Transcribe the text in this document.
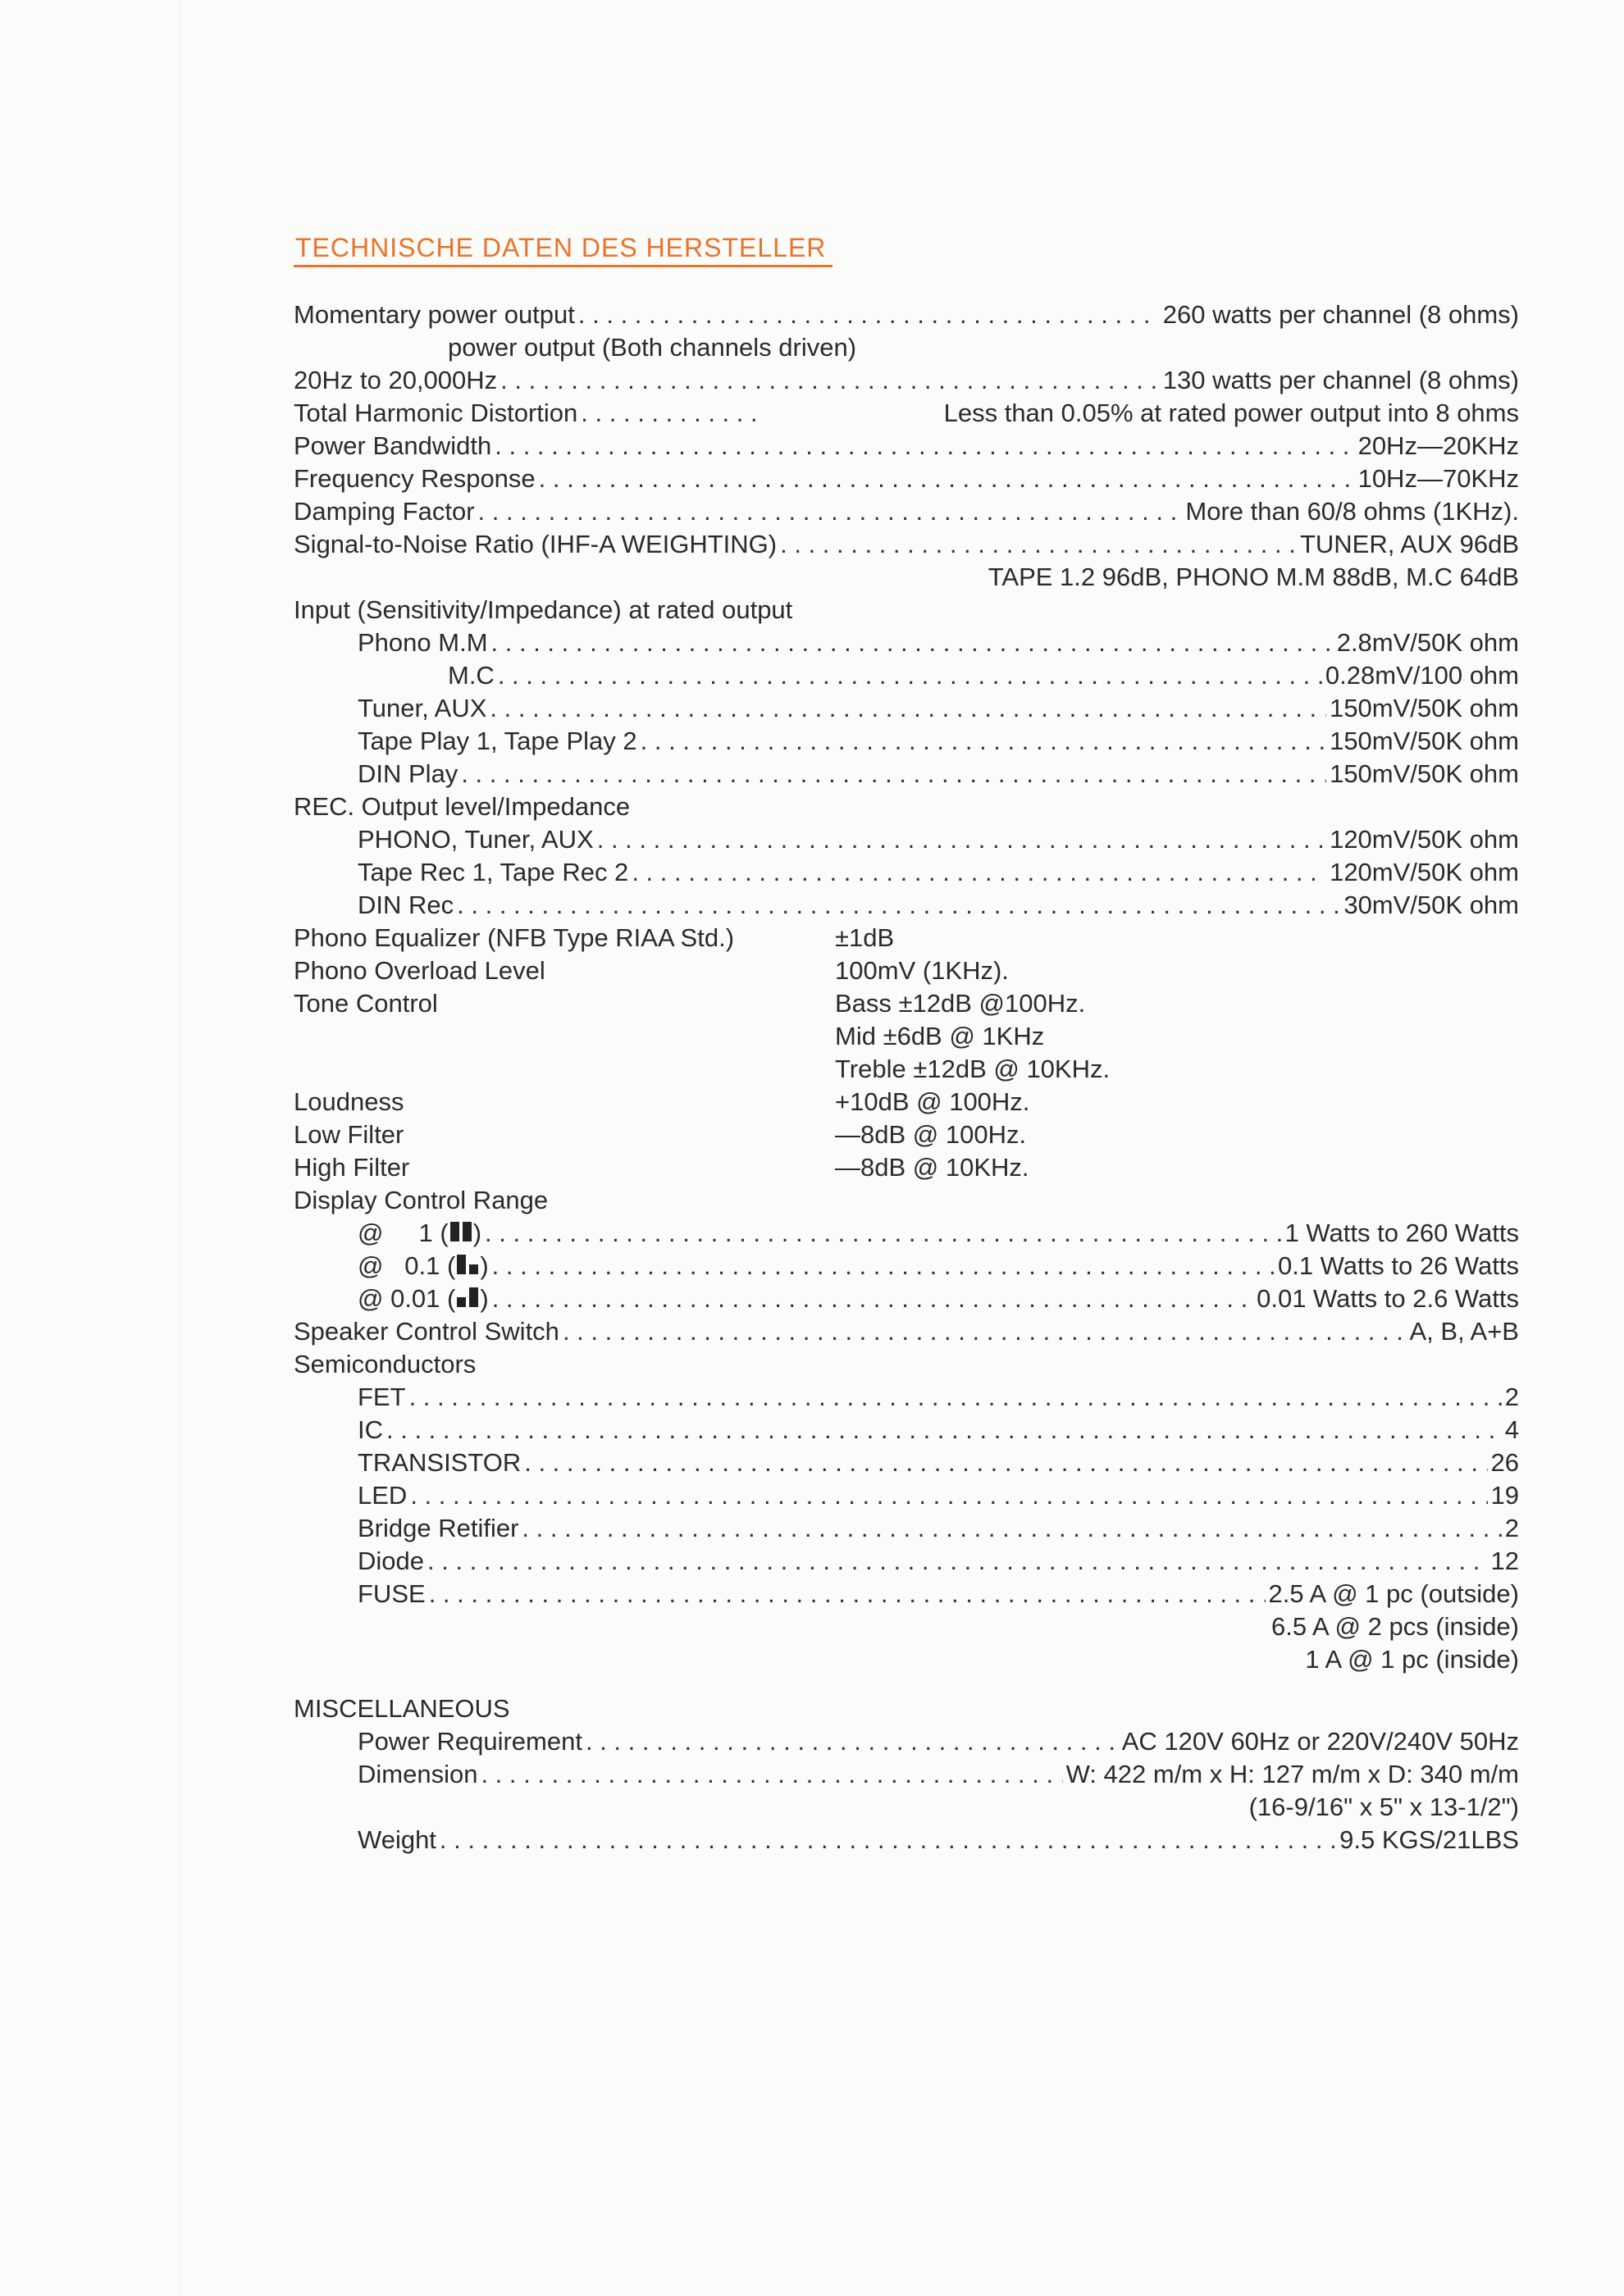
TECHNISCHE DATEN DES HERSTELLER
Momentary power output . . .	260 watts per channel (8 ohms)
power output (Both channels driven)
20Hz to 20,000Hz . . .	130 watts per channel (8 ohms)
Total Harmonic Distortion . . .	Less than 0.05% at rated power output into 8 ohms
Power Bandwidth . . .	20Hz—20KHz
Frequency Response . . .	10Hz—70KHz
Damping Factor . . .	More than 60/8 ohms (1KHz).
Signal-to-Noise Ratio (IHF-A WEIGHTING) . . .	TUNER, AUX 96dB
TAPE 1.2 96dB, PHONO M.M 88dB, M.C 64dB
Input (Sensitivity/Impedance) at rated output
Phono M.M . . .	2.8mV/50K ohm
M.C . . .	0.28mV/100 ohm
Tuner, AUX . . .	150mV/50K ohm
Tape Play 1, Tape Play 2 . . .	150mV/50K ohm
DIN Play . . .	150mV/50K ohm
REC. Output level/Impedance
PHONO, Tuner, AUX . . .	120mV/50K ohm
Tape Rec 1, Tape Rec 2 . . .	120mV/50K ohm
DIN Rec . . .	30mV/50K ohm
Phono Equalizer (NFB Type RIAA Std.)	±1dB
Phono Overload Level	100mV (1KHz).
Tone Control	Bass ±12dB @100Hz.
Mid ±6dB @ 1KHz
Treble ±12dB @ 10KHz.
Loudness	+10dB @ 100Hz.
Low Filter	—8dB @ 100Hz.
High Filter	—8dB @ 10KHz.
Display Control Range
@     1 ( ) . . .	1 Watts to 260 Watts
@   0.1 ( ) . . .	0.1 Watts to 26 Watts
@ 0.01 ( ) . . .	0.01 Watts to 2.6 Watts
Speaker Control Switch . . .	A, B, A+B
Semiconductors
FET . . .	2
IC . . .	4
TRANSISTOR . . .	26
LED . . .	19
Bridge Retifier . . .	2
Diode . . .	12
FUSE . . .	2.5 A @ 1 pc (outside)
6.5 A @ 2 pcs (inside)
1 A @ 1 pc (inside)
MISCELLANEOUS
Power Requirement . . .	AC 120V 60Hz or 220V/240V 50Hz
Dimension . . .	W: 422 m/m x H: 127 m/m x D: 340 m/m
(16-9/16" x 5" x 13-1/2")
Weight . . .	9.5 KGS/21LBS
